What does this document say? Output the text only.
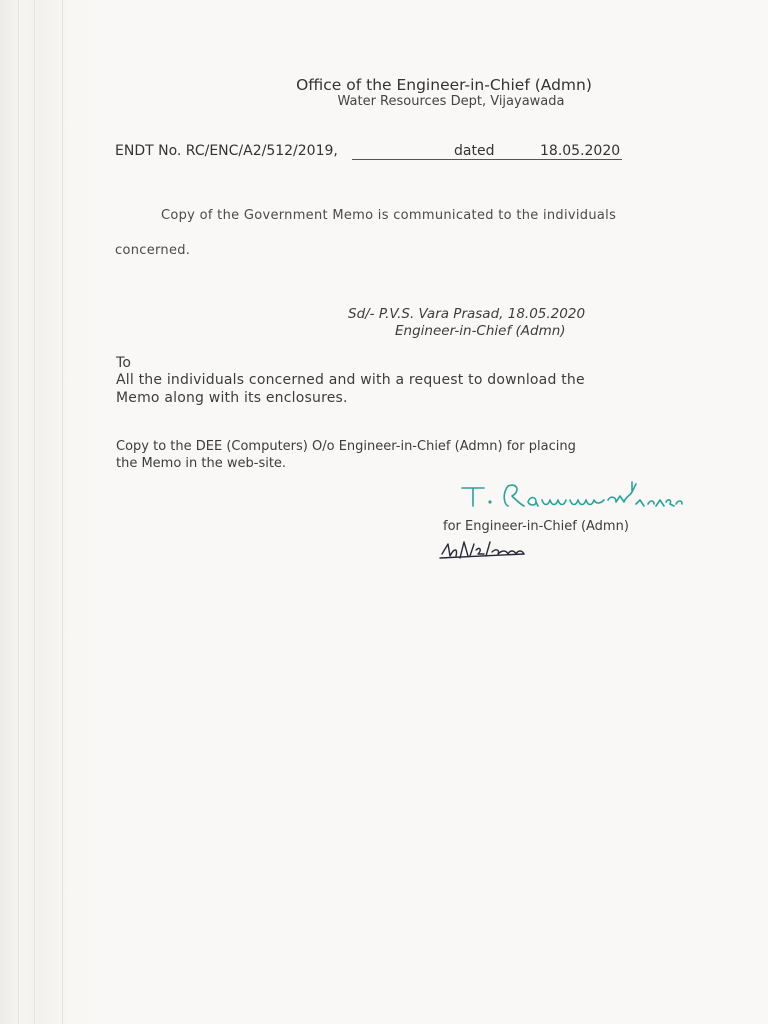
Office of the Engineer-in-Chief (Admn)
Water Resources Dept, Vijayawada
ENDT No. RC/ENC/A2/512/2019,	dated	18.05.2020
Copy of the Government Memo is communicated to the individuals
concerned.
Sd/- P.V.S. Vara Prasad, 18.05.2020
Engineer-in-Chief (Admn)
To
All the individuals concerned and with a request to download the
Memo along with its enclosures.
Copy to the DEE (Computers) O/o Engineer-in-Chief (Admn) for placing
the Memo in the web-site.
for Engineer-in-Chief (Admn)
